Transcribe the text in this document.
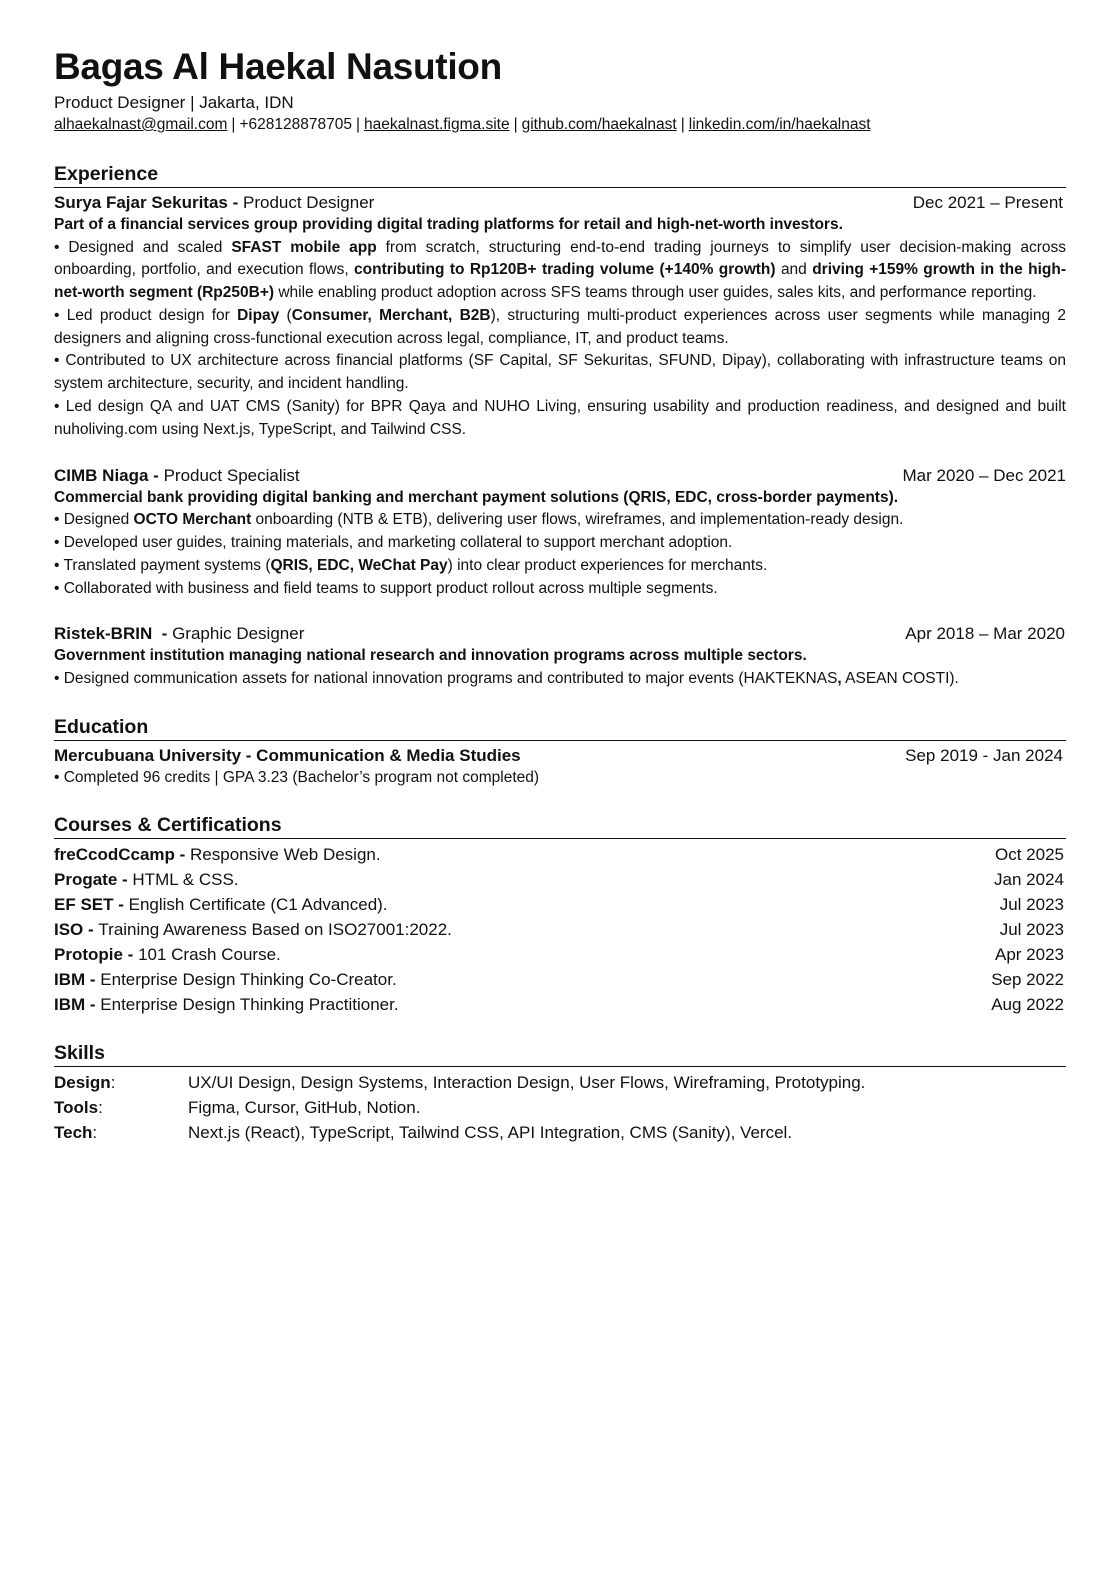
Bagas Al Haekal Nasution
Product Designer | Jakarta, IDN
alhaekalnast@gmail.com | +628128878705 | haekalnast.figma.site | github.com/haekalnast | linkedin.com/in/haekalnast
Experience
Surya Fajar Sekuritas - Product Designer	Dec 2021 – Present
Part of a financial services group providing digital trading platforms for retail and high-net-worth investors.
• Designed and scaled SFAST mobile app from scratch, structuring end-to-end trading journeys to simplify user decision-making across onboarding, portfolio, and execution flows, contributing to Rp120B+ trading volume (+140% growth) and driving +159% growth in the high-net-worth segment (Rp250B+) while enabling product adoption across SFS teams through user guides, sales kits, and performance reporting.
• Led product design for Dipay (Consumer, Merchant, B2B), structuring multi-product experiences across user segments while managing 2 designers and aligning cross-functional execution across legal, compliance, IT, and product teams.
• Contributed to UX architecture across financial platforms (SF Capital, SF Sekuritas, SFUND, Dipay), collaborating with infrastructure teams on system architecture, security, and incident handling.
• Led design QA and UAT CMS (Sanity) for BPR Qaya and NUHO Living, ensuring usability and production readiness, and designed and built nuholiving.com using Next.js, TypeScript, and Tailwind CSS.
CIMB Niaga - Product Specialist	Mar 2020 – Dec 2021
Commercial bank providing digital banking and merchant payment solutions (QRIS, EDC, cross-border payments).
• Designed OCTO Merchant onboarding (NTB & ETB), delivering user flows, wireframes, and implementation-ready design.
• Developed user guides, training materials, and marketing collateral to support merchant adoption.
• Translated payment systems (QRIS, EDC, WeChat Pay) into clear product experiences for merchants.
• Collaborated with business and field teams to support product rollout across multiple segments.
Ristek-BRIN  - Graphic Designer	Apr 2018 – Mar 2020
Government institution managing national research and innovation programs across multiple sectors.
• Designed communication assets for national innovation programs and contributed to major events (HAKTEKNAS, ASEAN COSTI).
Education
Mercubuana University - Communication & Media Studies	Sep 2019 - Jan 2024
• Completed 96 credits | GPA 3.23 (Bachelor’s program not completed)
Courses & Certifications
freCcodCcamp - Responsive Web Design.	Oct 2025
Progate - HTML & CSS.	Jan 2024
EF SET - English Certificate (C1 Advanced).	Jul 2023
ISO - Training Awareness Based on ISO27001:2022.	Jul 2023
Protopie - 101 Crash Course.	Apr 2023
IBM - Enterprise Design Thinking Co-Creator.	Sep 2022
IBM - Enterprise Design Thinking Practitioner.	Aug 2022
Skills
Design:	UX/UI Design, Design Systems, Interaction Design, User Flows, Wireframing, Prototyping.
Tools:	Figma, Cursor, GitHub, Notion.
Tech:	Next.js (React), TypeScript, Tailwind CSS, API Integration, CMS (Sanity), Vercel.
